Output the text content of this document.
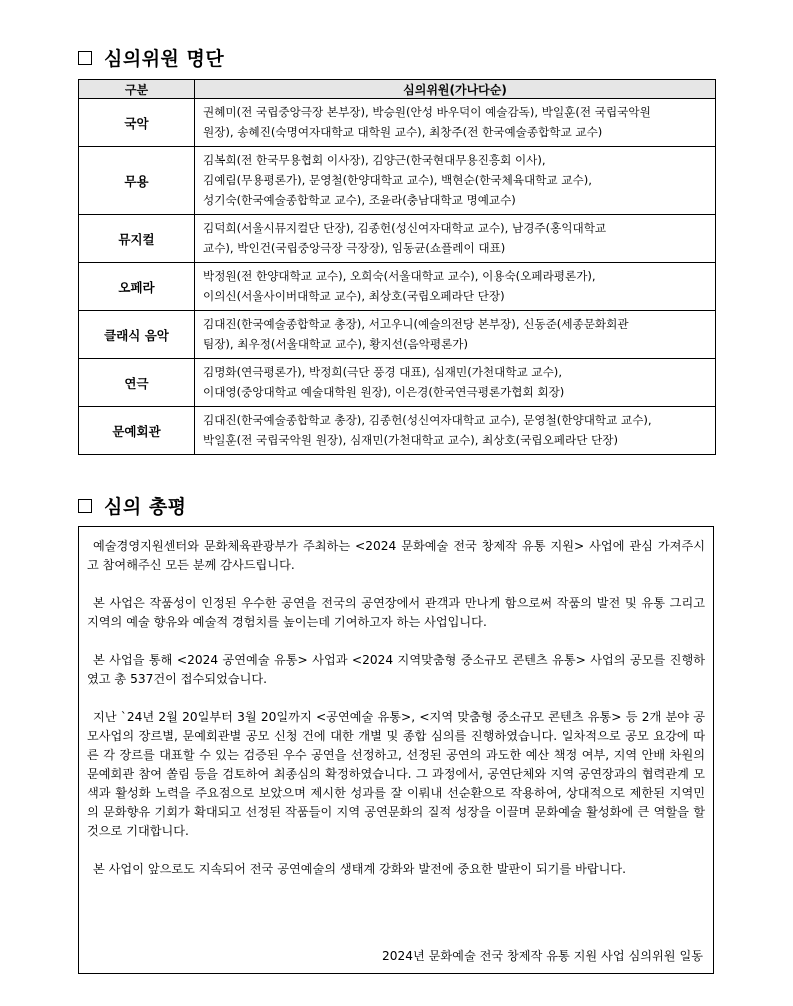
심의위원 명단
구분	심의위원(가나다순)
국악	권혜미(전 국립중앙극장 본부장), 박승원(안성 바우덕이 예술감독), 박일훈(전 국립국악원
원장), 송혜진(숙명여자대학교 대학원 교수), 최창주(전 한국예술종합학교 교수)

무용	김복희(전 한국무용협회 이사장), 김양근(한국현대무용진흥회 이사),
김예림(무용평론가), 문영철(한양대학교 교수), 백현순(한국체육대학교 교수),
성기숙(한국예술종합학교 교수), 조윤라(충남대학교 명예교수)

뮤지컬	김덕희(서울시뮤지컬단 단장), 김종헌(성신여자대학교 교수), 남경주(홍익대학교
교수), 박인건(국립중앙극장 극장장), 임동균(쇼플레이 대표)

오페라	박정원(전 한양대학교 교수), 오희숙(서울대학교 교수), 이용숙(오페라평론가),
이의신(서울사이버대학교 교수), 최상호(국립오페라단 단장)

클래식 음악	김대진(한국예술종합학교 총장), 서고우니(예술의전당 본부장), 신동준(세종문화회관
팀장), 최우정(서울대학교 교수), 황지선(음악평론가)

연극	김명화(연극평론가), 박정희(극단 풍경 대표), 심재민(가천대학교 교수),
이대영(중앙대학교 예술대학원 원장), 이은경(한국연극평론가협회 회장)

문예회관	김대진(한국예술종합학교 총장), 김종헌(성신여자대학교 교수), 문영철(한양대학교 교수),
박일훈(전 국립국악원 원장), 심재민(가천대학교 교수), 최상호(국립오페라단 단장)
심의 총평

예술경영지원센터와 문화체육관광부가 주최하는 <2024 문화예술 전국 창제작 유통 지원> 사업에 관심 가져주시고 참여해주신 모든 분께 감사드립니다.

본 사업은 작품성이 인정된 우수한 공연을 전국의 공연장에서 관객과 만나게 함으로써 작품의 발전 및 유통 그리고 지역의 예술 향유와 예술적 경험치를 높이는데 기여하고자 하는 사업입니다.

본 사업을 통해 <2024 공연예술 유통> 사업과 <2024 지역맞춤형 중소규모 콘텐츠 유통> 사업의 공모를 진행하였고 총 537건이 접수되었습니다.

지난 `24년 2월 20일부터 3월 20일까지 <공연예술 유통>, <지역 맞춤형 중소규모 콘텐츠 유통> 등 2개 분야 공모사업의 장르별, 문예회관별 공모 신청 건에 대한 개별 및 종합 심의를 진행하였습니다. 일차적으로 공모 요강에 따른 각 장르를 대표할 수 있는 검증된 우수 공연을 선정하고, 선정된 공연의 과도한 예산 책정 여부, 지역 안배 차원의 문예회관 참여 쏠림 등을 검토하여 최종심의 확정하였습니다. 그 과정에서, 공연단체와 지역 공연장과의 협력관계 모색과 활성화 노력을 주요점으로 보았으며 제시한 성과를 잘 이뤄내 선순환으로 작용하여, 상대적으로 제한된 지역민의 문화향유 기회가 확대되고 선정된 작품들이 지역 공연문화의 질적 성장을 이끌며 문화예술 활성화에 큰 역할을 할 것으로 기대합니다.

본 사업이 앞으로도 지속되어 전국 공연예술의 생태계 강화와 발전에 중요한 발판이 되기를 바랍니다.

2024년 문화예술 전국 창제작 유통 지원 사업 심의위원 일동
